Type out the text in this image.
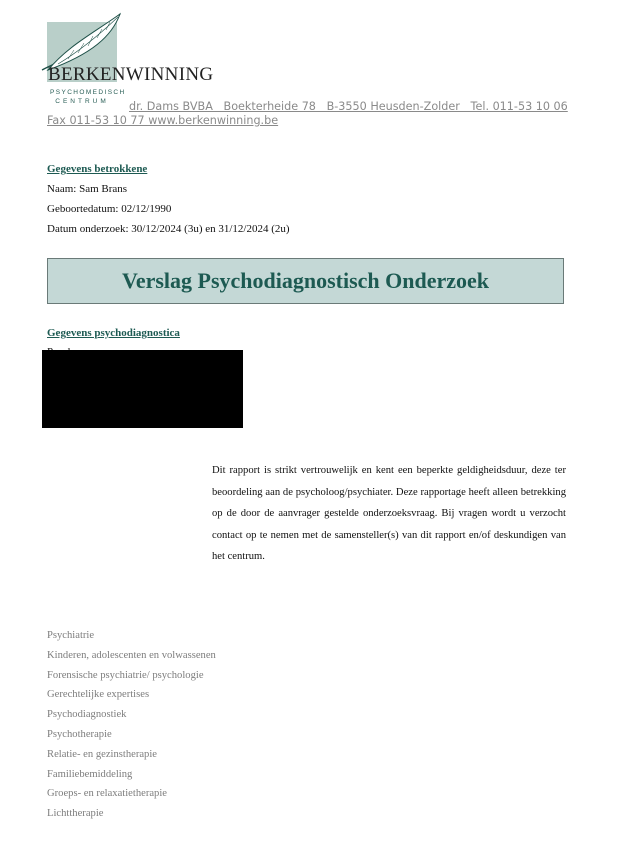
BERKENWINNING
PSYCHOMEDISCH
CENTRUM	dr. Dams BVBA   Boekterheide 78   B-3550 Heusden-Zolder   Tel. 011-53 10 06
Fax 011-53 10 77 www.berkenwinning.be
Gegevens betrokkene
Naam: Sam Brans
Geboortedatum: 02/12/1990
Datum onderzoek: 30/12/2024 (3u) en 31/12/2024 (2u)
Verslag Psychodiagnostisch Onderzoek
Gegevens psychodiagnostica
Dit rapport is strikt vertrouwelijk en kent een beperkte geldigheidsduur, deze ter beoordeling aan de psycholoog/psychiater. Deze rapportage heeft alleen betrekking op de door de aanvrager gestelde onderzoeksvraag. Bij vragen wordt u verzocht contact op te nemen met de samensteller(s) van dit rapport en/of deskundigen van het centrum.
Psychiatrie
Kinderen, adolescenten en volwassenen
Forensische psychiatrie/ psychologie
Gerechtelijke expertises
Psychodiagnostiek
Psychotherapie
Relatie- en gezinstherapie
Familiebemiddeling
Groeps- en relaxatietherapie
Lichttherapie
